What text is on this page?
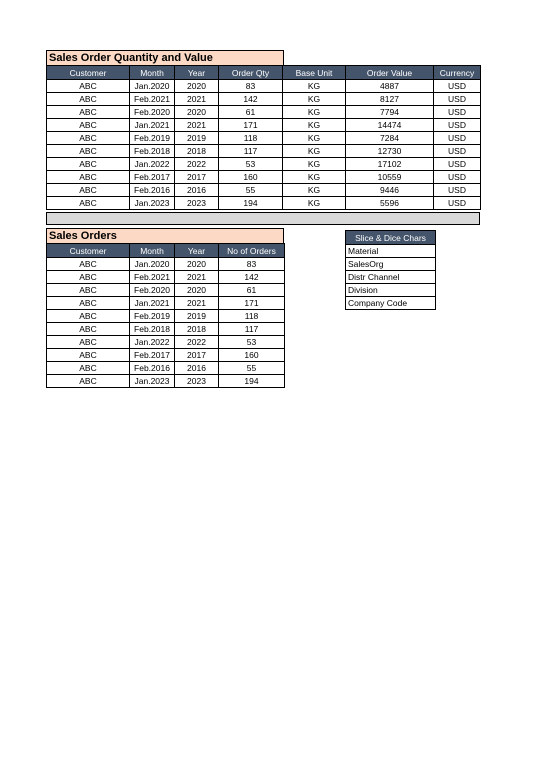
Sales Order Quantity and Value
Customer	Month	Year	Order Qty	Base Unit	Order Value	Currency
ABC	Jan.2020	2020	83	KG	4887	USD
ABC	Feb.2021	2021	142	KG	8127	USD
ABC	Feb.2020	2020	61	KG	7794	USD
ABC	Jan.2021	2021	171	KG	14474	USD
ABC	Feb.2019	2019	118	KG	7284	USD
ABC	Feb.2018	2018	117	KG	12730	USD
ABC	Jan.2022	2022	53	KG	17102	USD
ABC	Feb.2017	2017	160	KG	10559	USD
ABC	Feb.2016	2016	55	KG	9446	USD
ABC	Jan.2023	2023	194	KG	5596	USD
Sales Orders
Customer	Month	Year	No of Orders
ABC	Jan.2020	2020	83
ABC	Feb.2021	2021	142
ABC	Feb.2020	2020	61
ABC	Jan.2021	2021	171
ABC	Feb.2019	2019	118
ABC	Feb.2018	2018	117
ABC	Jan.2022	2022	53
ABC	Feb.2017	2017	160
ABC	Feb.2016	2016	55
ABC	Jan.2023	2023	194
Slice & Dice Chars
Material
SalesOrg
Distr Channel
Division
Company Code
